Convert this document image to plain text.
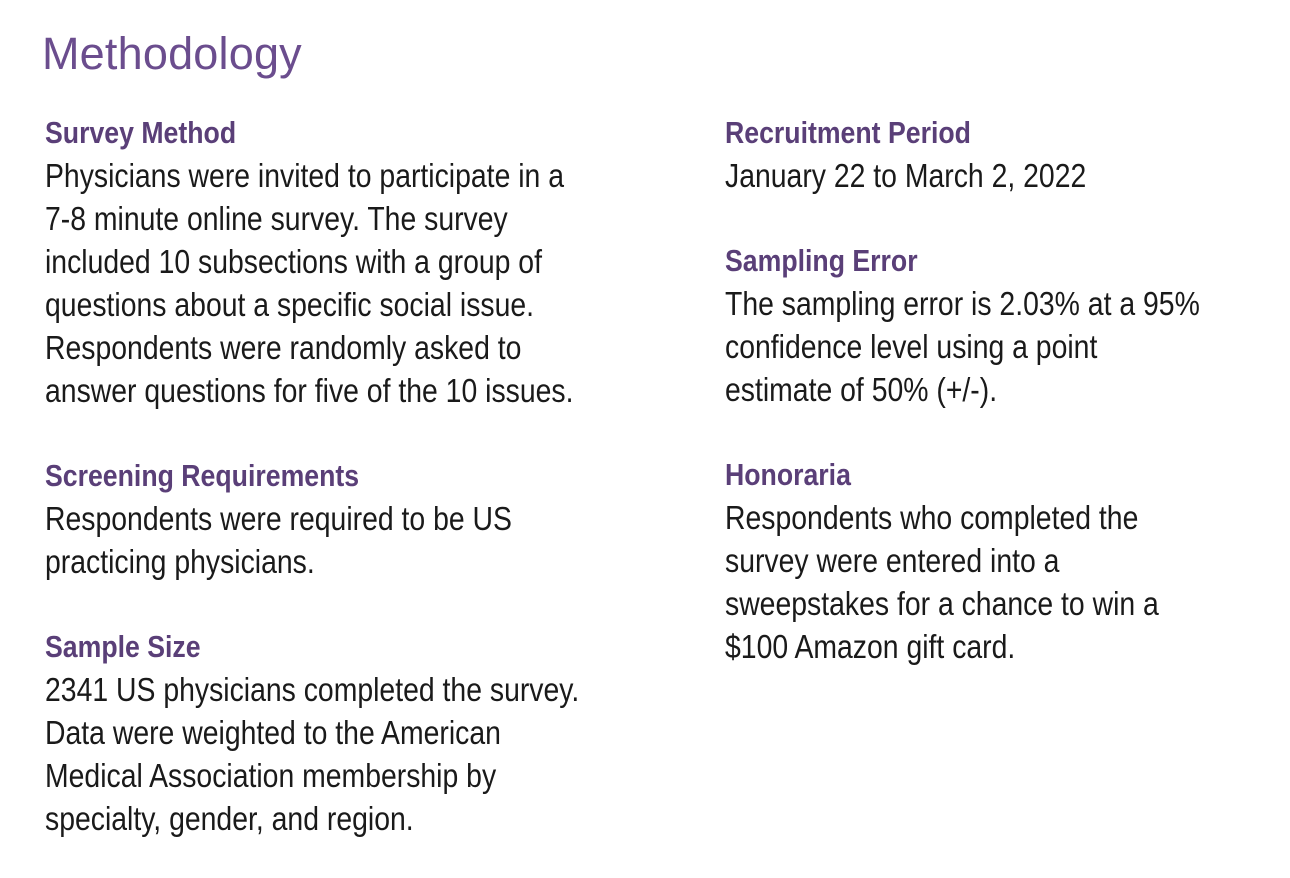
Methodology
Survey Method

Physicians were invited to participate in a
7-8 minute online survey. The survey
included 10 subsections with a group of
questions about a specific social issue.
Respondents were randomly asked to
answer questions for five of the 10 issues.

Screening Requirements

Respondents were required to be US
practicing physicians.

Sample Size

2341 US physicians completed the survey.
Data were weighted to the American
Medical Association membership by
specialty, gender, and region.

Recruitment Period

January 22 to March 2, 2022

Sampling Error

The sampling error is 2.03% at a 95%
confidence level using a point
estimate of 50% (+/-).

Honoraria

Respondents who completed the
survey were entered into a
sweepstakes for a chance to win a
$100 Amazon gift card.
